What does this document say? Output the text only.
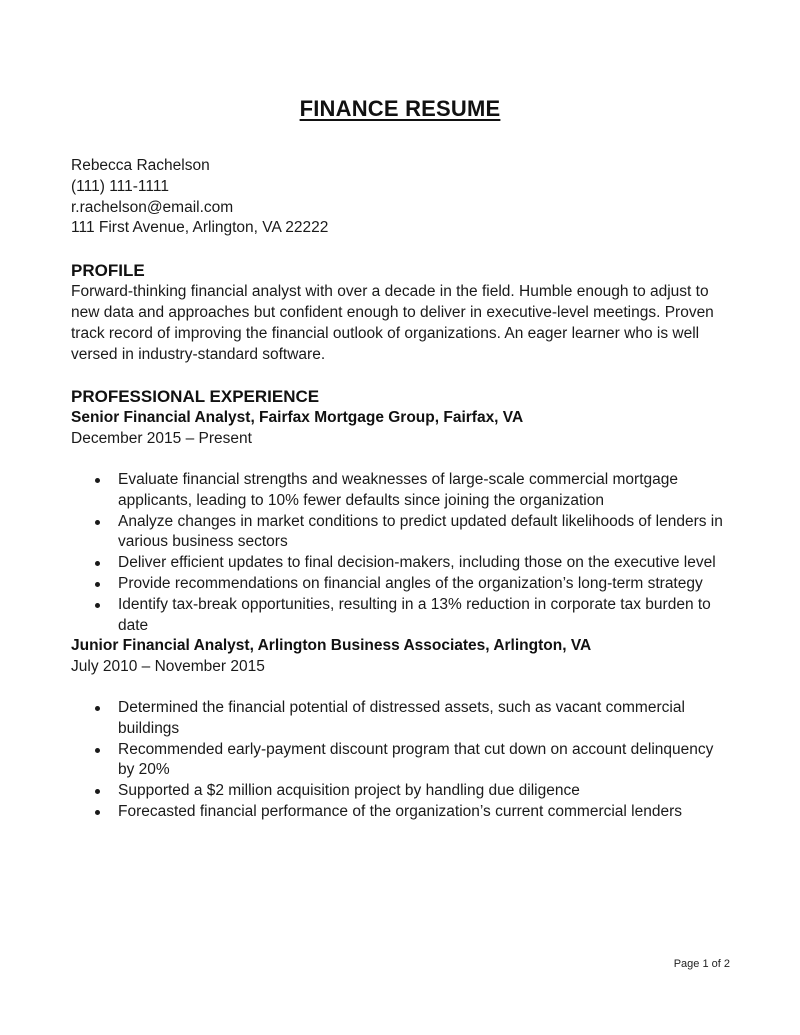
FINANCE RESUME
Rebecca Rachelson
(111) 111-1111
r.rachelson@email.com
111 First Avenue, Arlington, VA 22222
PROFILE
Forward-thinking financial analyst with over a decade in the field. Humble enough to adjust to new data and approaches but confident enough to deliver in executive-level meetings. Proven track record of improving the financial outlook of organizations. An eager learner who is well versed in industry-standard software.
PROFESSIONAL EXPERIENCE
Senior Financial Analyst, Fairfax Mortgage Group, Fairfax, VA
December 2015 – Present
Evaluate financial strengths and weaknesses of large-scale commercial mortgage applicants, leading to 10% fewer defaults since joining the organization
Analyze changes in market conditions to predict updated default likelihoods of lenders in various business sectors
Deliver efficient updates to final decision-makers, including those on the executive level
Provide recommendations on financial angles of the organization’s long-term strategy
Identify tax-break opportunities, resulting in a 13% reduction in corporate tax burden to date
Junior Financial Analyst, Arlington Business Associates, Arlington, VA
July 2010 – November 2015
Determined the financial potential of distressed assets, such as vacant commercial buildings
Recommended early-payment discount program that cut down on account delinquency by 20%
Supported a $2 million acquisition project by handling due diligence
Forecasted financial performance of the organization’s current commercial lenders
Page 1 of 2
